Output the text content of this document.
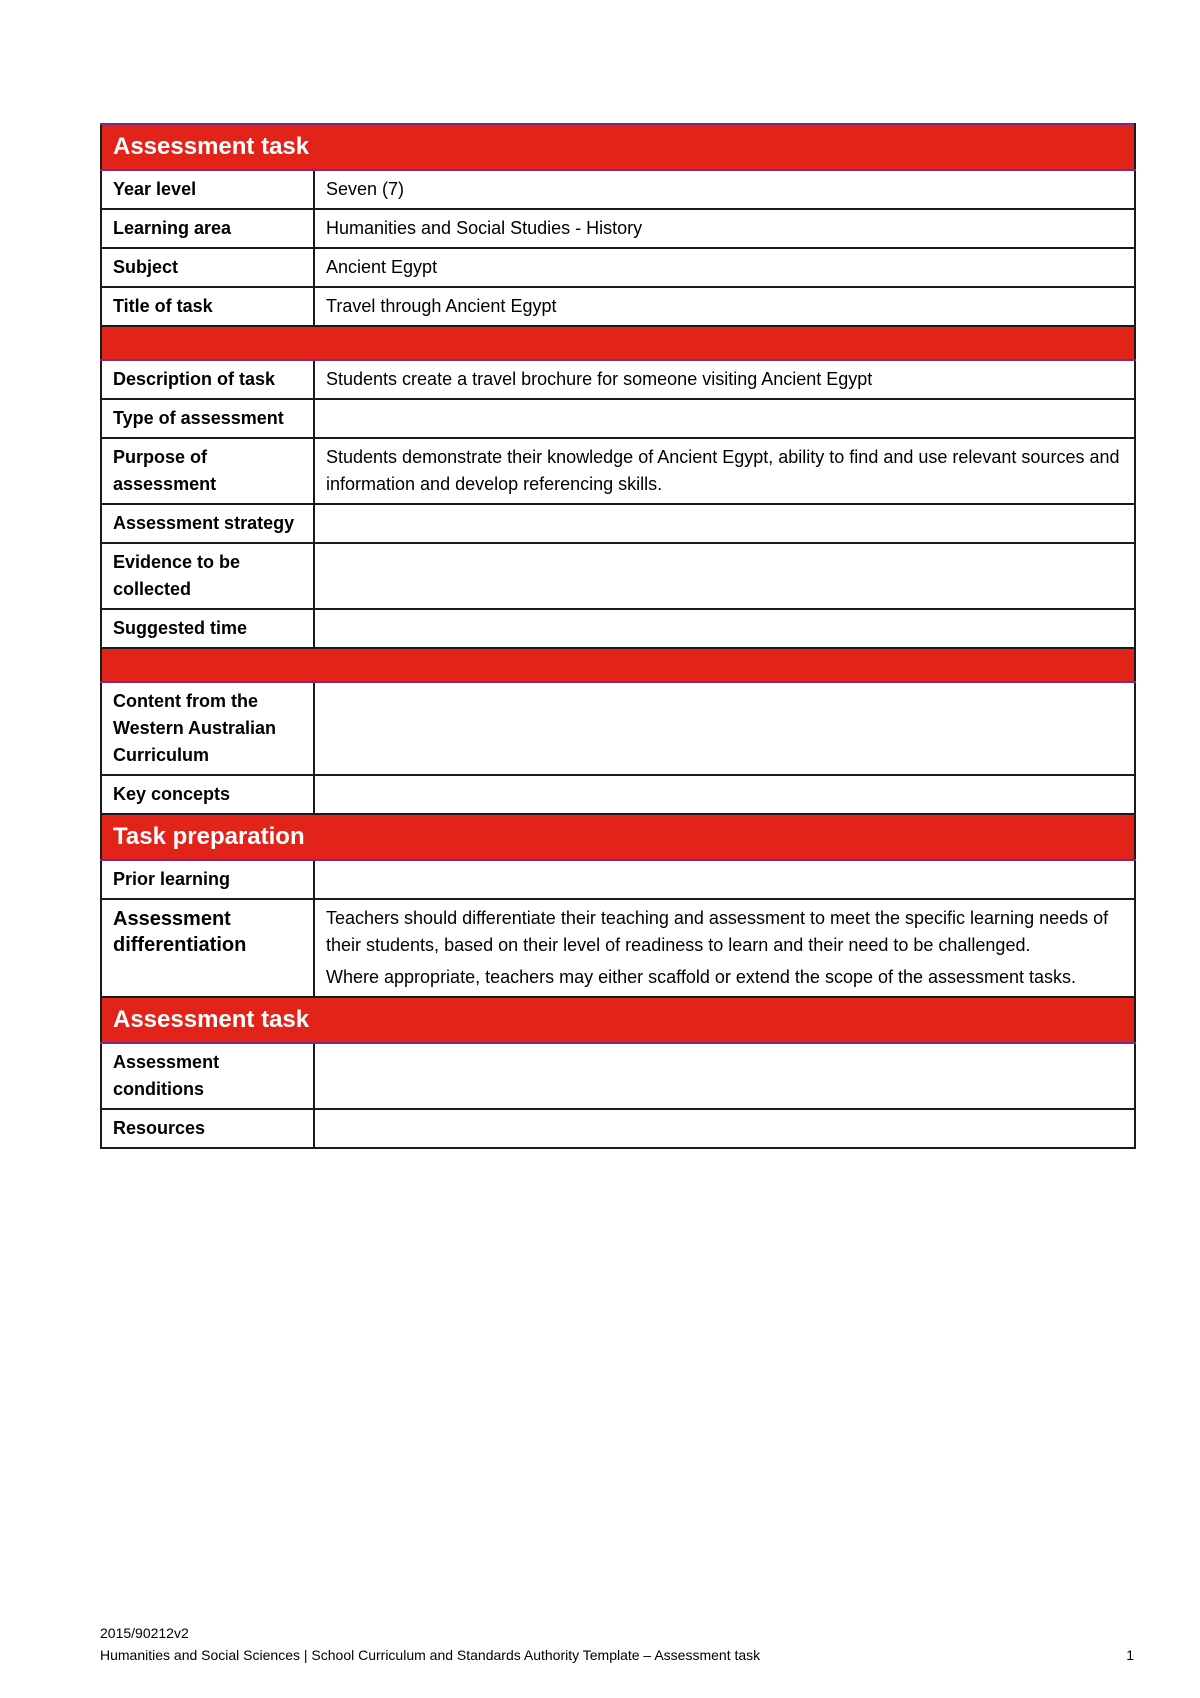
Assessment task	
Year level	Seven (7)
Learning area	Humanities and Social Studies - History
Subject	Ancient Egypt
Title of task	Travel through Ancient Egypt

Description of task	Students create a travel brochure for someone visiting Ancient Egypt
Type of assessment	
Purpose of assessment	Students demonstrate their knowledge of Ancient Egypt, ability to find and use relevant sources and information and develop referencing skills.
Assessment strategy	
Evidence to be collected	
Suggested time	

Content from the Western Australian Curriculum	
Key concepts	
Task preparation	
Prior learning	
Assessment differentiation	Teachers should differentiate their teaching and assessment to meet the specific learning needs of their students, based on their level of readiness to learn and their need to be challenged.

Where appropriate, teachers may either scaffold or extend the scope of the assessment tasks.

Assessment task	
Assessment conditions	
Resources	
2015/90212v2
Humanities and Social Sciences | School Curriculum and Standards Authority Template – Assessment task	1
